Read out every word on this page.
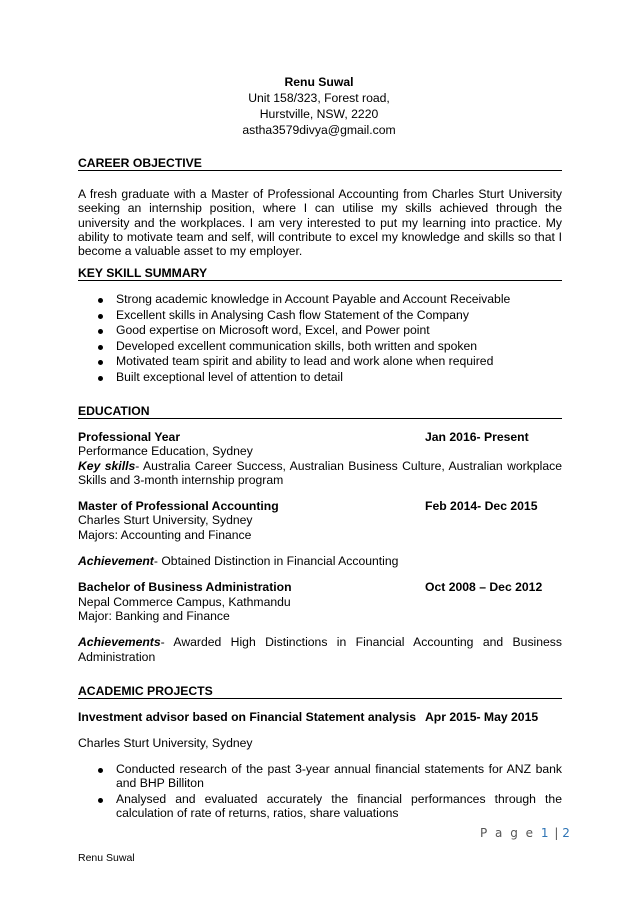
Renu Suwal
Unit 158/323, Forest road,
Hurstville, NSW, 2220
astha3579divya@gmail.com
CAREER OBJECTIVE
A fresh graduate with a Master of Professional Accounting from Charles Sturt University seeking an internship position, where I can utilise my skills achieved through the university and the workplaces. I am very interested to put my learning into practice. My ability to motivate team and self, will contribute to excel my knowledge and skills so that I become a valuable asset to my employer.
KEY SKILL SUMMARY
Strong academic knowledge in Account Payable and Account Receivable
Excellent skills in Analysing Cash flow Statement of the Company
Good expertise on Microsoft word, Excel, and Power point
Developed excellent communication skills, both written and spoken
Motivated team spirit and ability to lead and work alone when required
Built exceptional level of attention to detail
EDUCATION
Professional Year	Jan 2016- Present
Performance Education, Sydney
Key skills- Australia Career Success, Australian Business Culture, Australian workplace Skills and 3-month internship program
Master of Professional Accounting	Feb 2014- Dec 2015
Charles Sturt University, Sydney
Majors: Accounting and Finance
Achievement- Obtained Distinction in Financial Accounting
Bachelor of Business Administration	Oct 2008 – Dec 2012
Nepal Commerce Campus, Kathmandu
Major: Banking and Finance
Achievements- Awarded High Distinctions in Financial Accounting and Business Administration
ACADEMIC PROJECTS
Investment advisor based on Financial Statement analysis Apr 2015- May 2015
Charles Sturt University, Sydney
Conducted research of the past 3-year annual financial statements for ANZ bank and BHP Billiton
Analysed and evaluated accurately the financial performances through the calculation of rate of returns, ratios, share valuations
P a g e 1 | 2
Renu Suwal
